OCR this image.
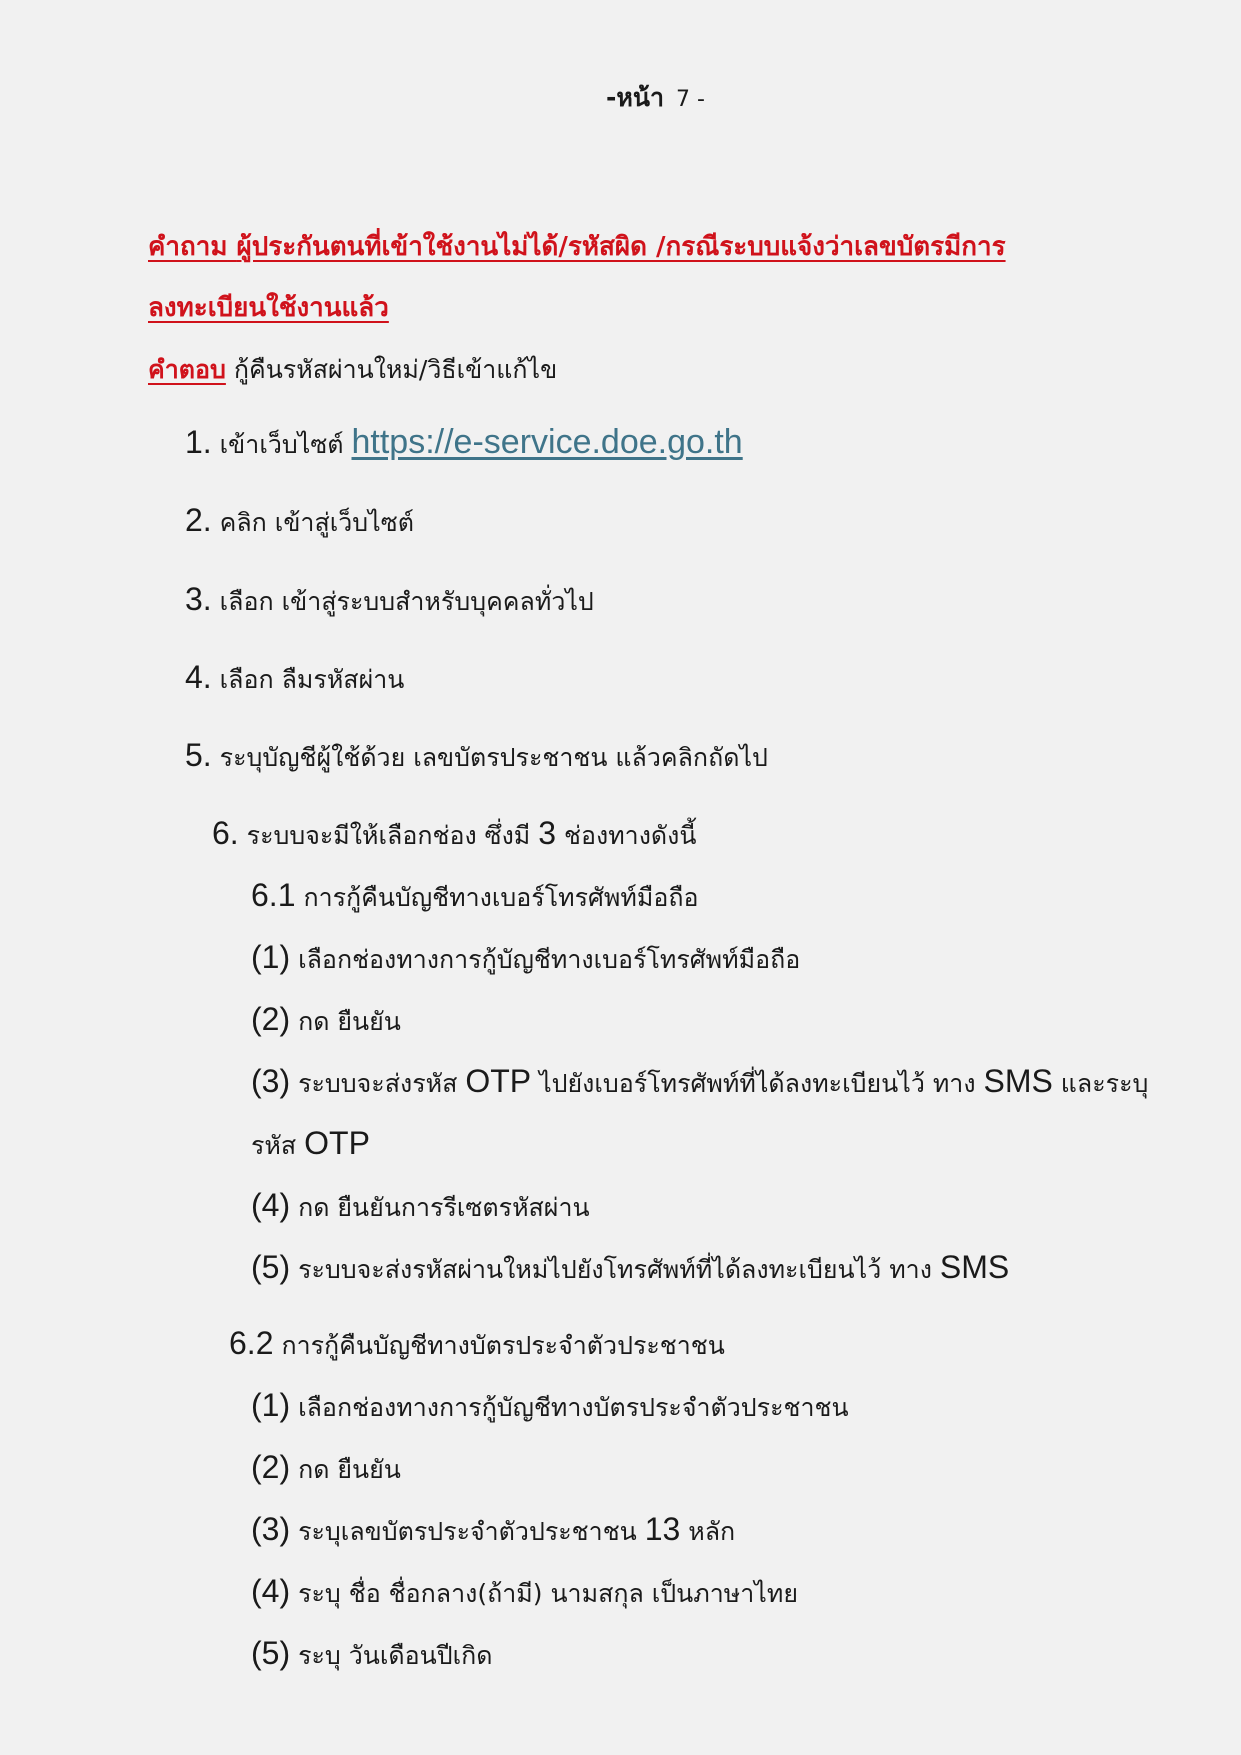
-หน้า 7 -
คำถาม ผู้ประกันตนที่เข้าใช้งานไม่ได้/รหัสผิด /กรณีระบบแจ้งว่าเลขบัตรมีการ
ลงทะเบียนใช้งานแล้ว
คำตอบ กู้คืนรหัสผ่านใหม่/วิธีเข้าแก้ไข
1. เข้าเว็บไซต์ https://e-service.doe.go.th
2. คลิก เข้าสู่เว็บไซต์
3. เลือก เข้าสู่ระบบสำหรับบุคคลทั่วไป
4. เลือก ลืมรหัสผ่าน
5. ระบุบัญชีผู้ใช้ด้วย เลขบัตรประชาชน แล้วคลิกถัดไป
6. ระบบจะมีให้เลือกช่อง ซึ่งมี 3 ช่องทางดังนี้
6.1 การกู้คืนบัญชีทางเบอร์โทรศัพท์มือถือ
(1) เลือกช่องทางการกู้บัญชีทางเบอร์โทรศัพท์มือถือ
(2) กด ยืนยัน
(3) ระบบจะส่งรหัส OTP ไปยังเบอร์โทรศัพท์ที่ได้ลงทะเบียนไว้ ทาง SMS และระบุ
รหัส OTP
(4) กด ยืนยันการรีเซตรหัสผ่าน
(5) ระบบจะส่งรหัสผ่านใหม่ไปยังโทรศัพท์ที่ได้ลงทะเบียนไว้ ทาง SMS
6.2 การกู้คืนบัญชีทางบัตรประจำตัวประชาชน
(1) เลือกช่องทางการกู้บัญชีทางบัตรประจำตัวประชาชน
(2) กด ยืนยัน
(3) ระบุเลขบัตรประจำตัวประชาชน 13 หลัก
(4) ระบุ ชื่อ ชื่อกลาง(ถ้ามี) นามสกุล เป็นภาษาไทย
(5) ระบุ วันเดือนปีเกิด
